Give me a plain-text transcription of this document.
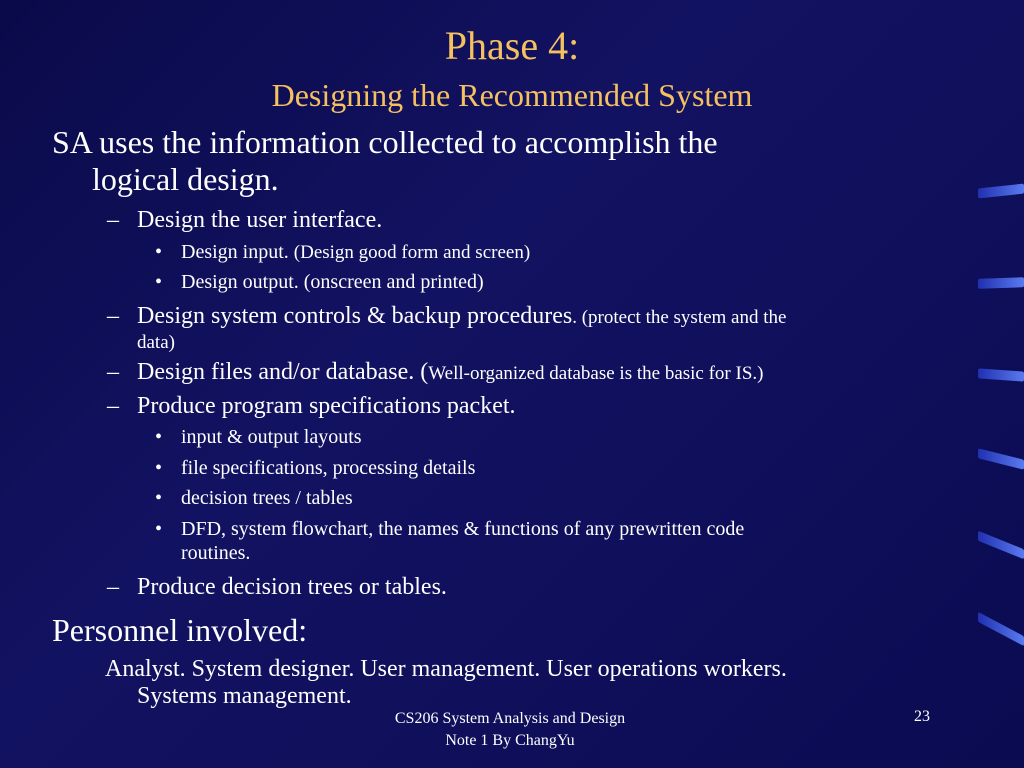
Phase 4:
Designing the Recommended System
SA uses the information collected to accomplish the
logical design.
– Design the user interface.
• Design input. (Design good form and screen)
• Design output. (onscreen and printed)
– Design system controls & backup procedures. (protect the system and the
data)
– Design files and/or database. (Well-organized database is the basic for IS.)
– Produce program specifications packet.
• input & output layouts
• file specifications, processing details
• decision trees / tables
• DFD, system flowchart, the names & functions of any prewritten code
routines.
– Produce decision trees or tables.
Personnel involved:
Analyst. System designer. User management. User operations workers.
Systems management.
CS206 System Analysis and Design
Note 1 By ChangYu
23
